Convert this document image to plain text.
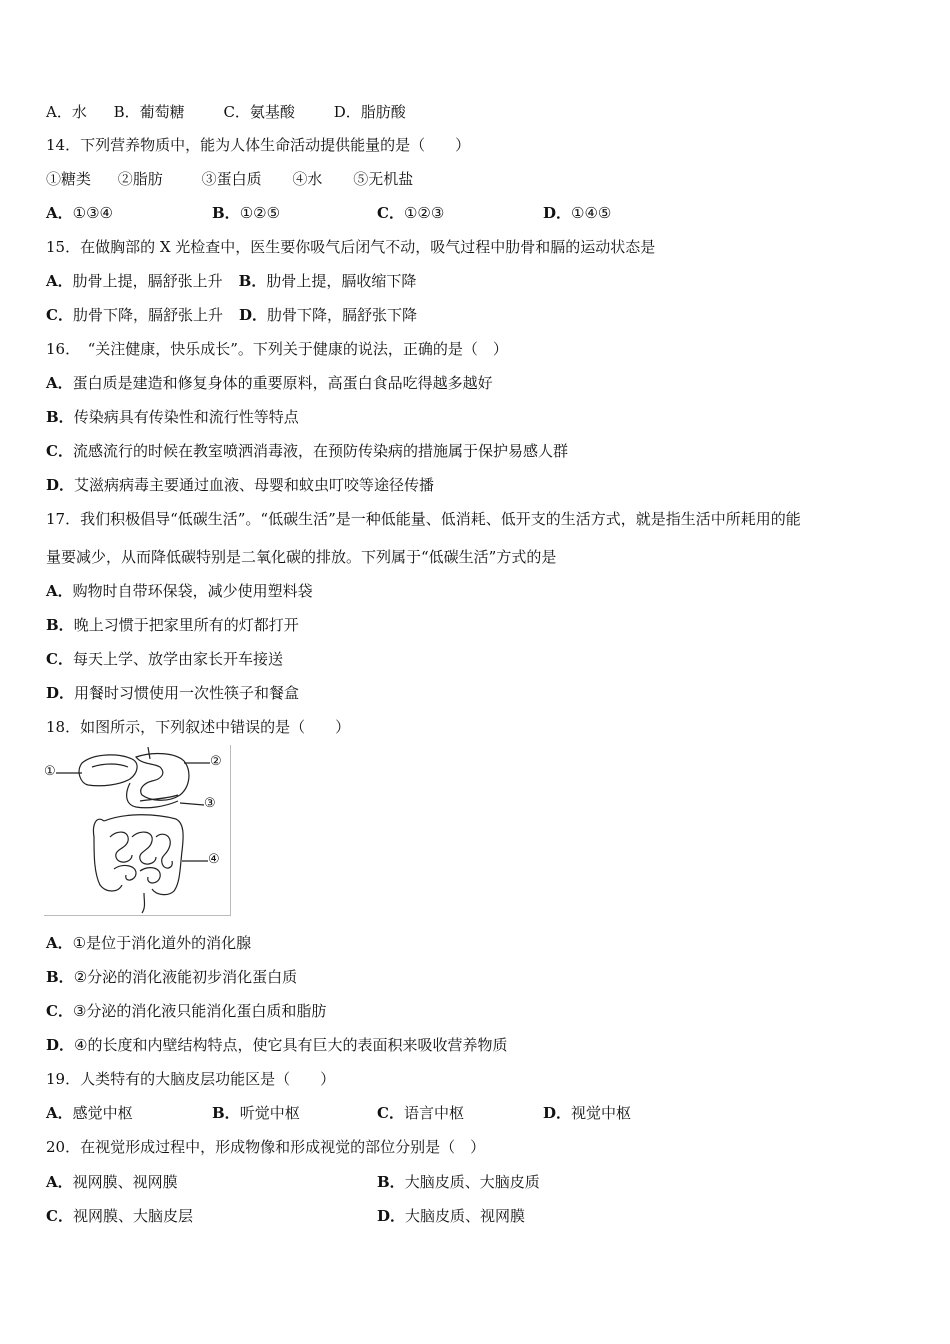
A．水 B．葡萄糖	C．氨基酸	D．脂肪酸
14．下列营养物质中，能为人体生命活动提供能量的是（　　）
①糖类 ②脂肪	③蛋白质 ④水 ⑤无机盐
A．①③④	B．①②⑤	C．①②③	D．①④⑤
15．在做胸部的 X 光检查中，医生要你吸气后闭气不动，吸气过程中肋骨和膈的运动状态是
A．肋骨上提，膈舒张上升 B．肋骨上提，膈收缩下降
C．肋骨下降，膈舒张上升 D．肋骨下降，膈舒张下降
16．　“关注健康，快乐成长”。下列关于健康的说法，正确的是（　）
A．蛋白质是建造和修复身体的重要原料，高蛋白食品吃得越多越好
B．传染病具有传染性和流行性等特点
C．流感流行的时候在教室喷洒消毒液，在预防传染病的措施属于保护易感人群
D．艾滋病病毒主要通过血液、母婴和蚊虫叮咬等途径传播
17．我们积极倡导“低碳生活”。“低碳生活”是一种低能量、低消耗、低开支的生活方式，就是指生活中所耗用的能
量要减少，从而降低碳特别是二氧化碳的排放。下列属于“低碳生活”方式的是
A．购物时自带环保袋，减少使用塑料袋
B．晚上习惯于把家里所有的灯都打开
C．每天上学、放学由家长开车接送
D．用餐时习惯使用一次性筷子和餐盒
18．如图所示，下列叙述中错误的是（　　）
①
②
③
④
A．①是位于消化道外的消化腺
B．②分泌的消化液能初步消化蛋白质
C．③分泌的消化液只能消化蛋白质和脂肪
D．④的长度和内壁结构特点，使它具有巨大的表面积来吸收营养物质
19．人类特有的大脑皮层功能区是（　　）
A．感觉中枢	B．听觉中枢	C．语言中枢	D．视觉中枢
20．在视觉形成过程中，形成物像和形成视觉的部位分别是（　）
A．视网膜、视网膜	B．大脑皮质、大脑皮质
C．视网膜、大脑皮层	D．大脑皮质、视网膜
